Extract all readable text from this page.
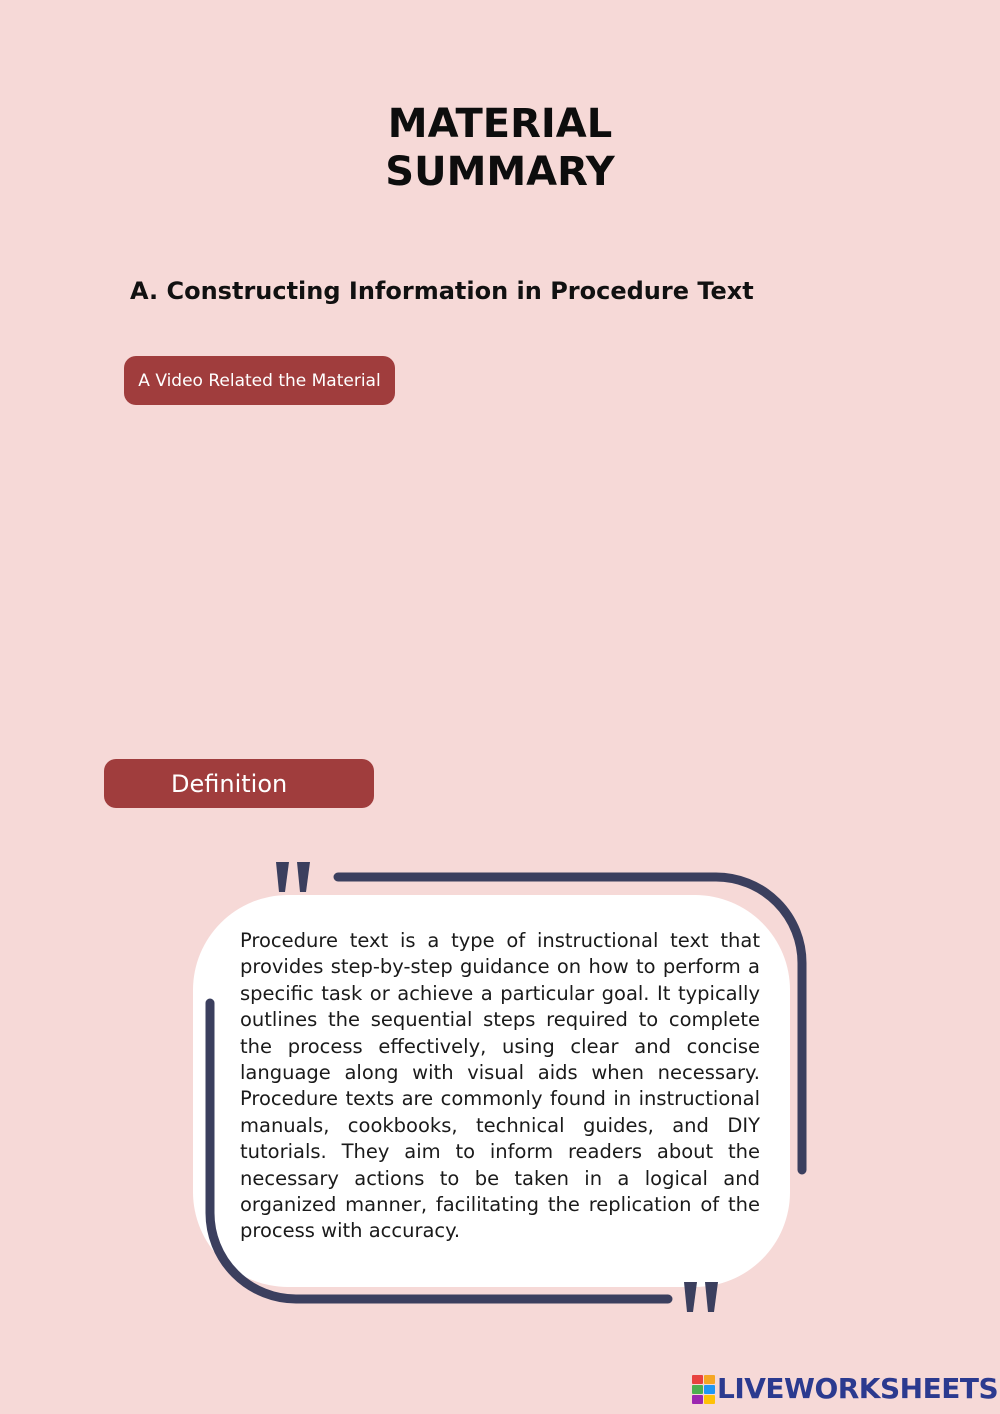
MATERIAL
SUMMARY
A. Constructing Information in Procedure Text
A Video Related the Material
Definition
Procedure text is a type of instructional text that provides step-by-step guidance on how to perform a specific task or achieve a particular goal. It typically outlines the sequential steps required to complete the process effectively, using clear and concise language along with visual aids when necessary. Procedure texts are commonly found in instructional manuals, cookbooks, technical guides, and DIY tutorials. They aim to inform readers about the necessary actions to be taken in a logical and organized manner, facilitating the replication of the process with accuracy.
LIVEWORKSHEETS
